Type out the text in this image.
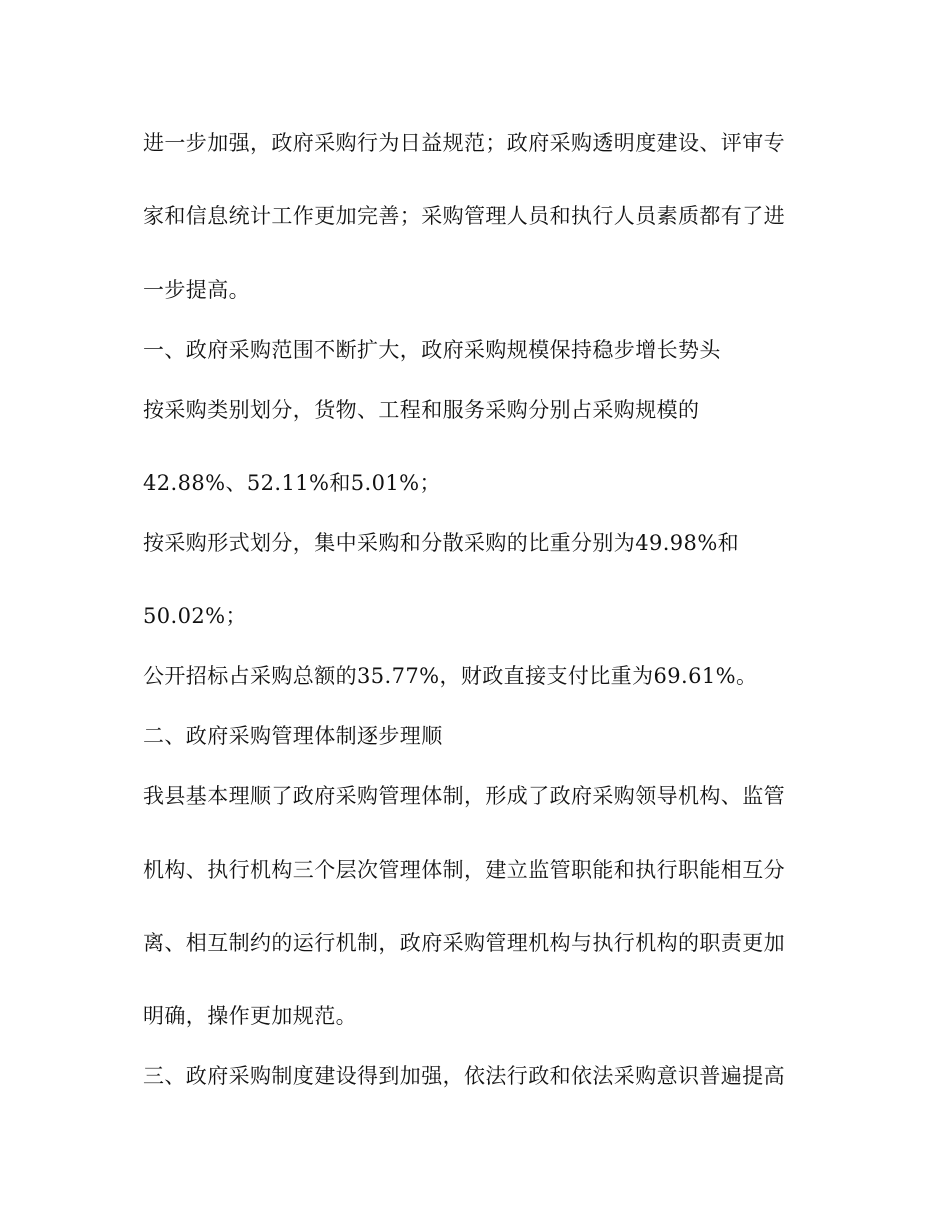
进一步加强，政府采购行为日益规范；政府采购透明度建设、评审专
家和信息统计工作更加完善；采购管理人员和执行人员素质都有了进
一步提高。
一、政府采购范围不断扩大，政府采购规模保持稳步增长势头
按采购类别划分，货物、工程和服务采购分别占采购规模的
42.88%、52.11%和5.01%；
按采购形式划分，集中采购和分散采购的比重分别为49.98%和
50.02%；
公开招标占采购总额的35.77%，财政直接支付比重为69.61%。
二、政府采购管理体制逐步理顺
我县基本理顺了政府采购管理体制，形成了政府采购领导机构、监管
机构、执行机构三个层次管理体制，建立监管职能和执行职能相互分
离、相互制约的运行机制，政府采购管理机构与执行机构的职责更加
明确，操作更加规范。
三、政府采购制度建设得到加强，依法行政和依法采购意识普遍提高
